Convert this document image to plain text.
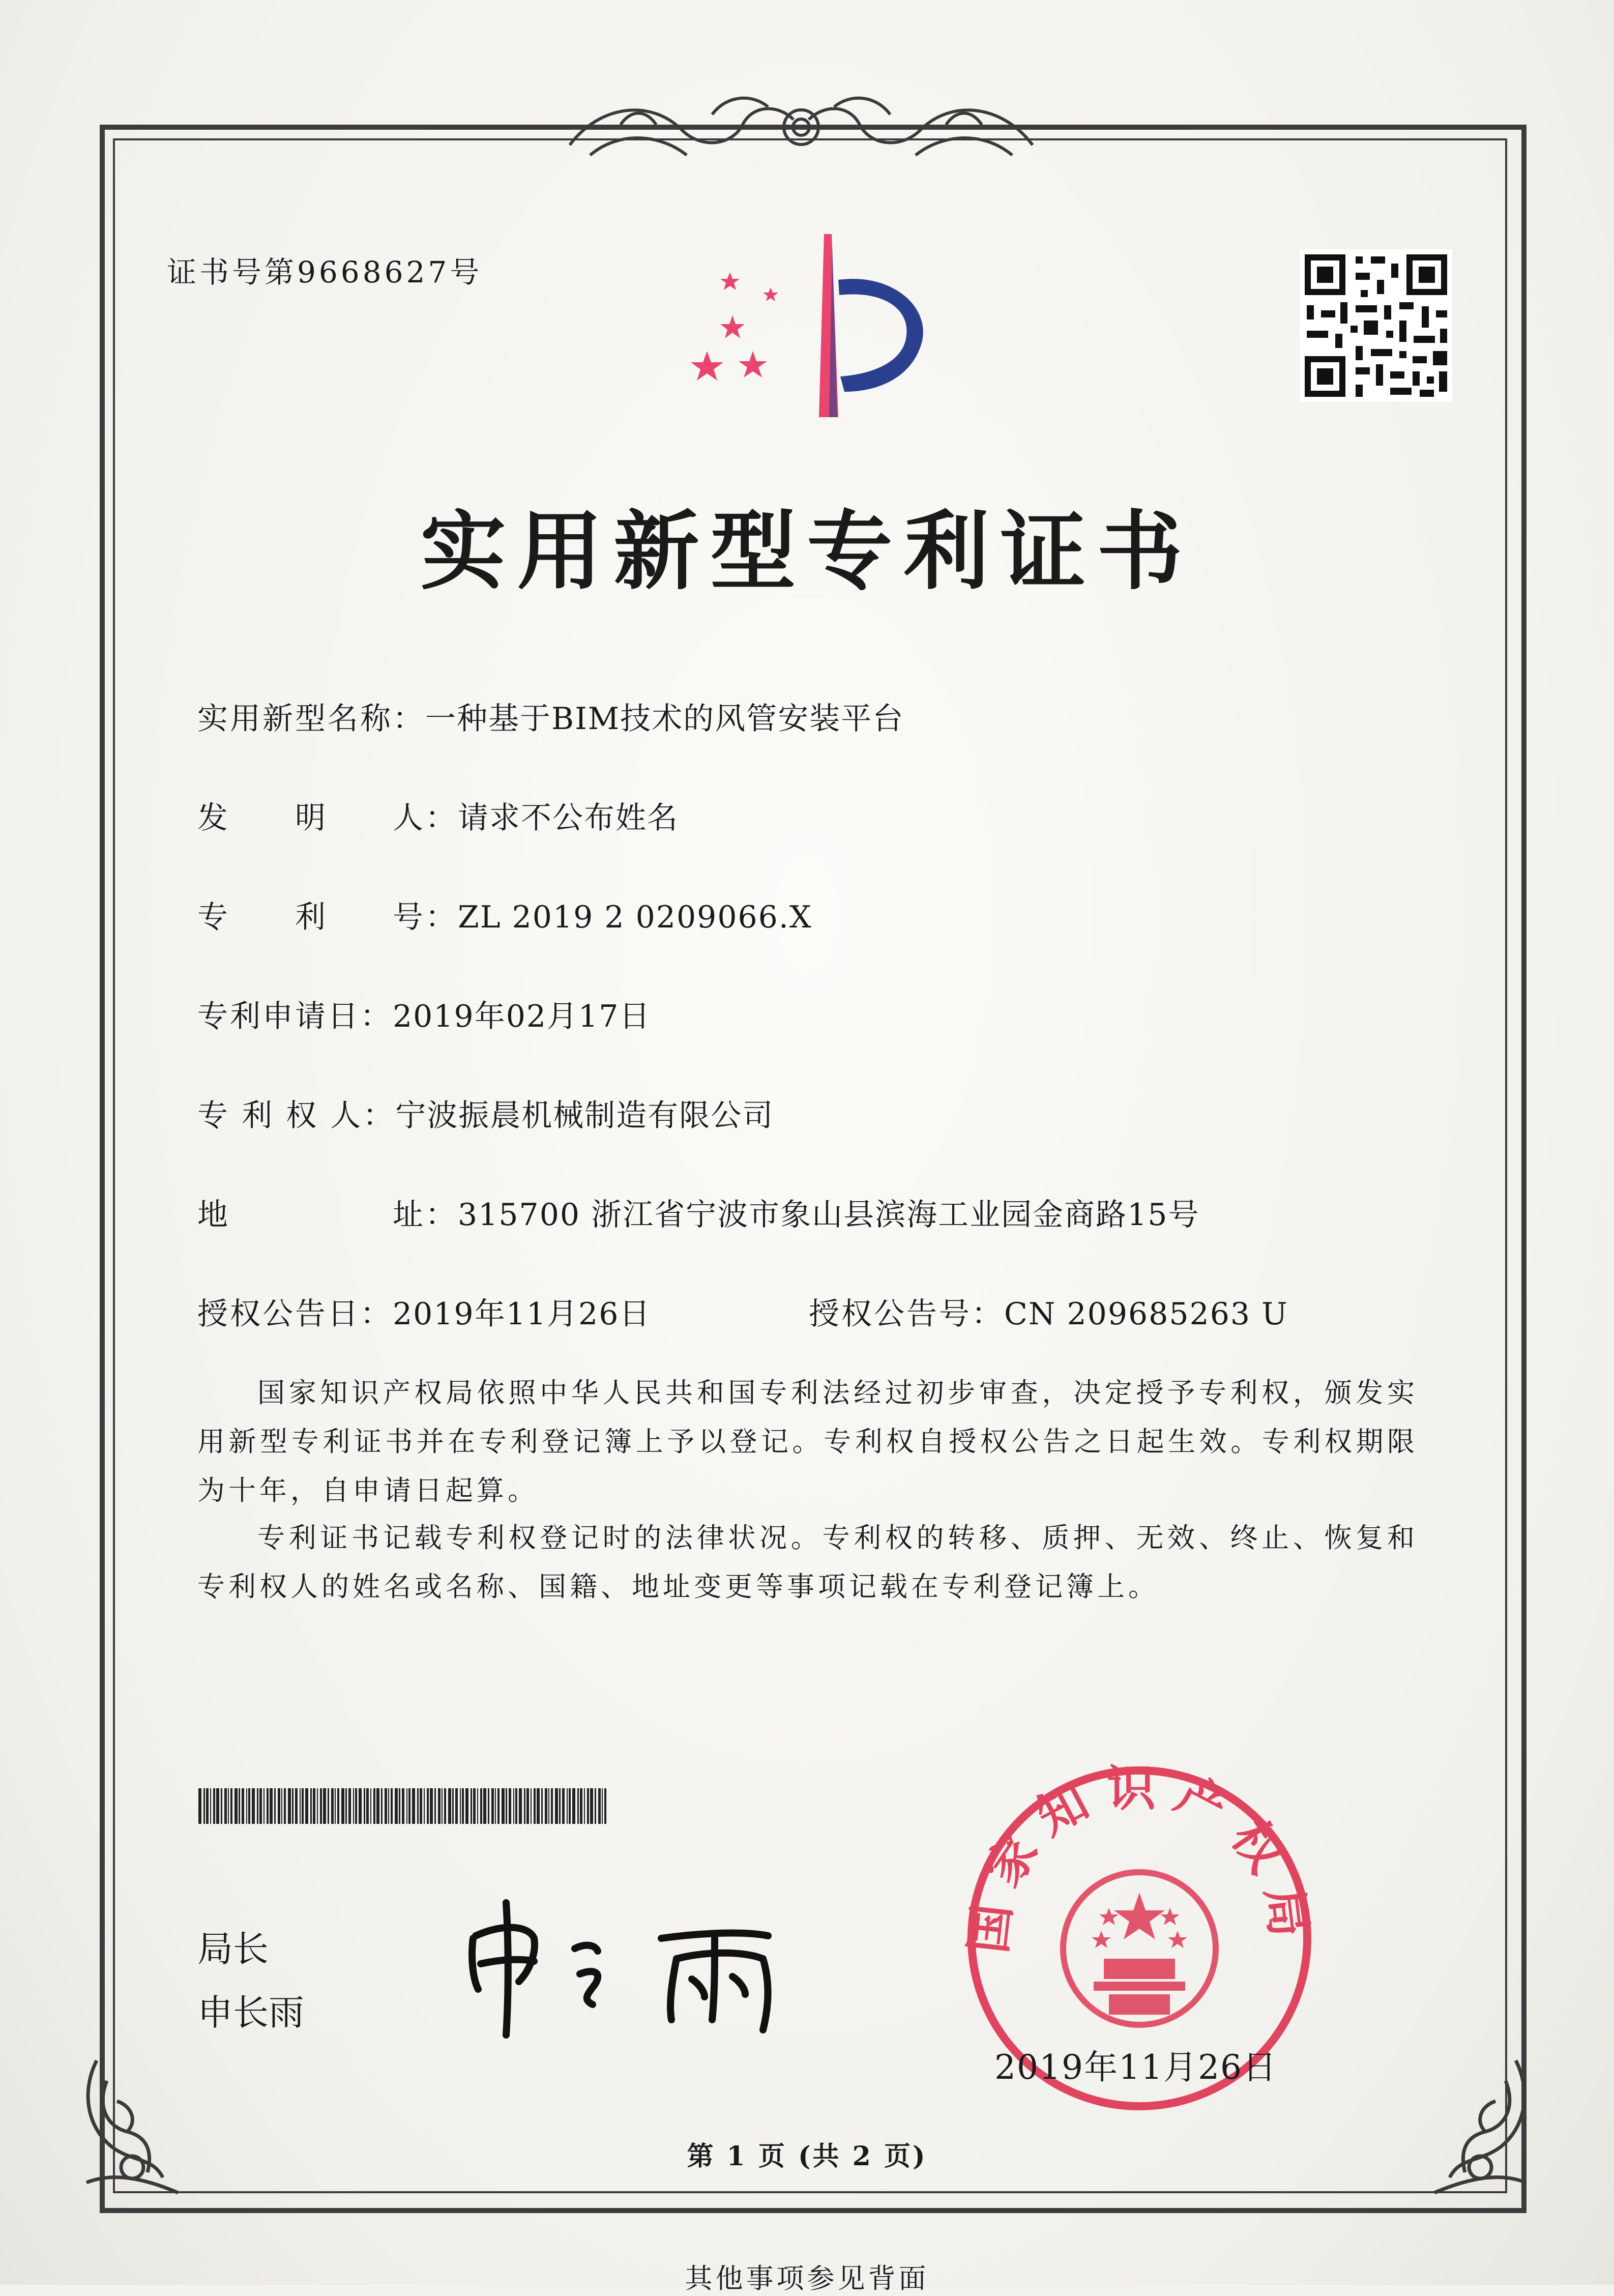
证书号第9668627号
实用新型专利证书
实用新型名称： 一种基于BIM技术的风管安装平台
发　　明　　人： 请求不公布姓名
专　　利　　号： ZL 2019 2 0209066.X
专利申请日： 2019年02月17日
专 利 权 人： 宁波振晨机械制造有限公司
地　　　　　址： 315700 浙江省宁波市象山县滨海工业园金商路15号
授权公告日： 2019年11月26日	授权公告号： CN 209685263 U
国家知识产权局依照中华人民共和国专利法经过初步审查，决定授予专利权，颁发实用新型专利证书并在专利登记簿上予以登记。专利权自授权公告之日起生效。专利权期限为十年，自申请日起算。
专利证书记载专利权登记时的法律状况。专利权的转移、质押、无效、终止、恢复和专利权人的姓名或名称、国籍、地址变更等事项记载在专利登记簿上。
局长
申长雨
国家知识产权局
2019年11月26日
第 1 页 (共 2 页)
其他事项参见背面
